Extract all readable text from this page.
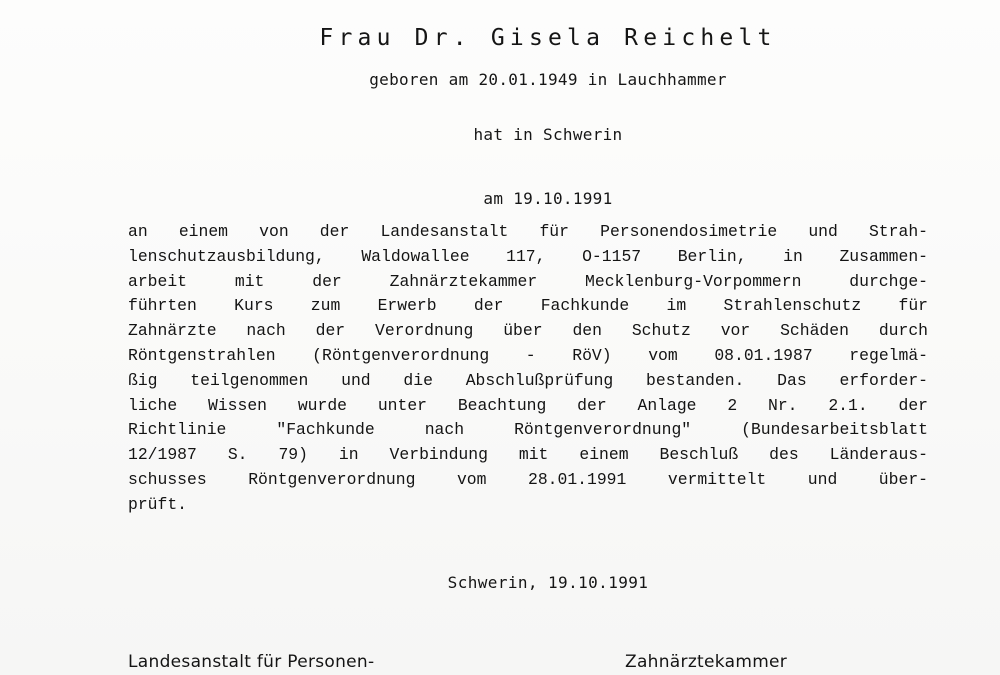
Frau Dr. Gisela Reichelt
geboren am 20.01.1949 in Lauchhammer
hat in Schwerin
am 19.10.1991
an einem von der Landesanstalt für Personendosimetrie und Strah-
lenschutzausbildung, Waldowallee 117, O-1157 Berlin, in Zusammen-
arbeit mit der Zahnärztekammer Mecklenburg-Vorpommern durchge-
führten Kurs zum Erwerb der Fachkunde im Strahlenschutz für
Zahnärzte nach der Verordnung über den Schutz vor Schäden durch
Röntgenstrahlen (Röntgenverordnung - RöV) vom 08.01.1987 regelmä-
ßig teilgenommen und die Abschlußprüfung bestanden. Das erforder-
liche Wissen wurde unter Beachtung der Anlage 2 Nr. 2.1. der
Richtlinie "Fachkunde nach Röntgenverordnung" (Bundesarbeitsblatt
12/1987 S. 79) in Verbindung mit einem Beschluß des Länderaus-
schusses Röntgenverordnung vom 28.01.1991 vermittelt und über-
prüft.
Schwerin, 19.10.1991
Landesanstalt für Personen-	Zahnärztekammer
